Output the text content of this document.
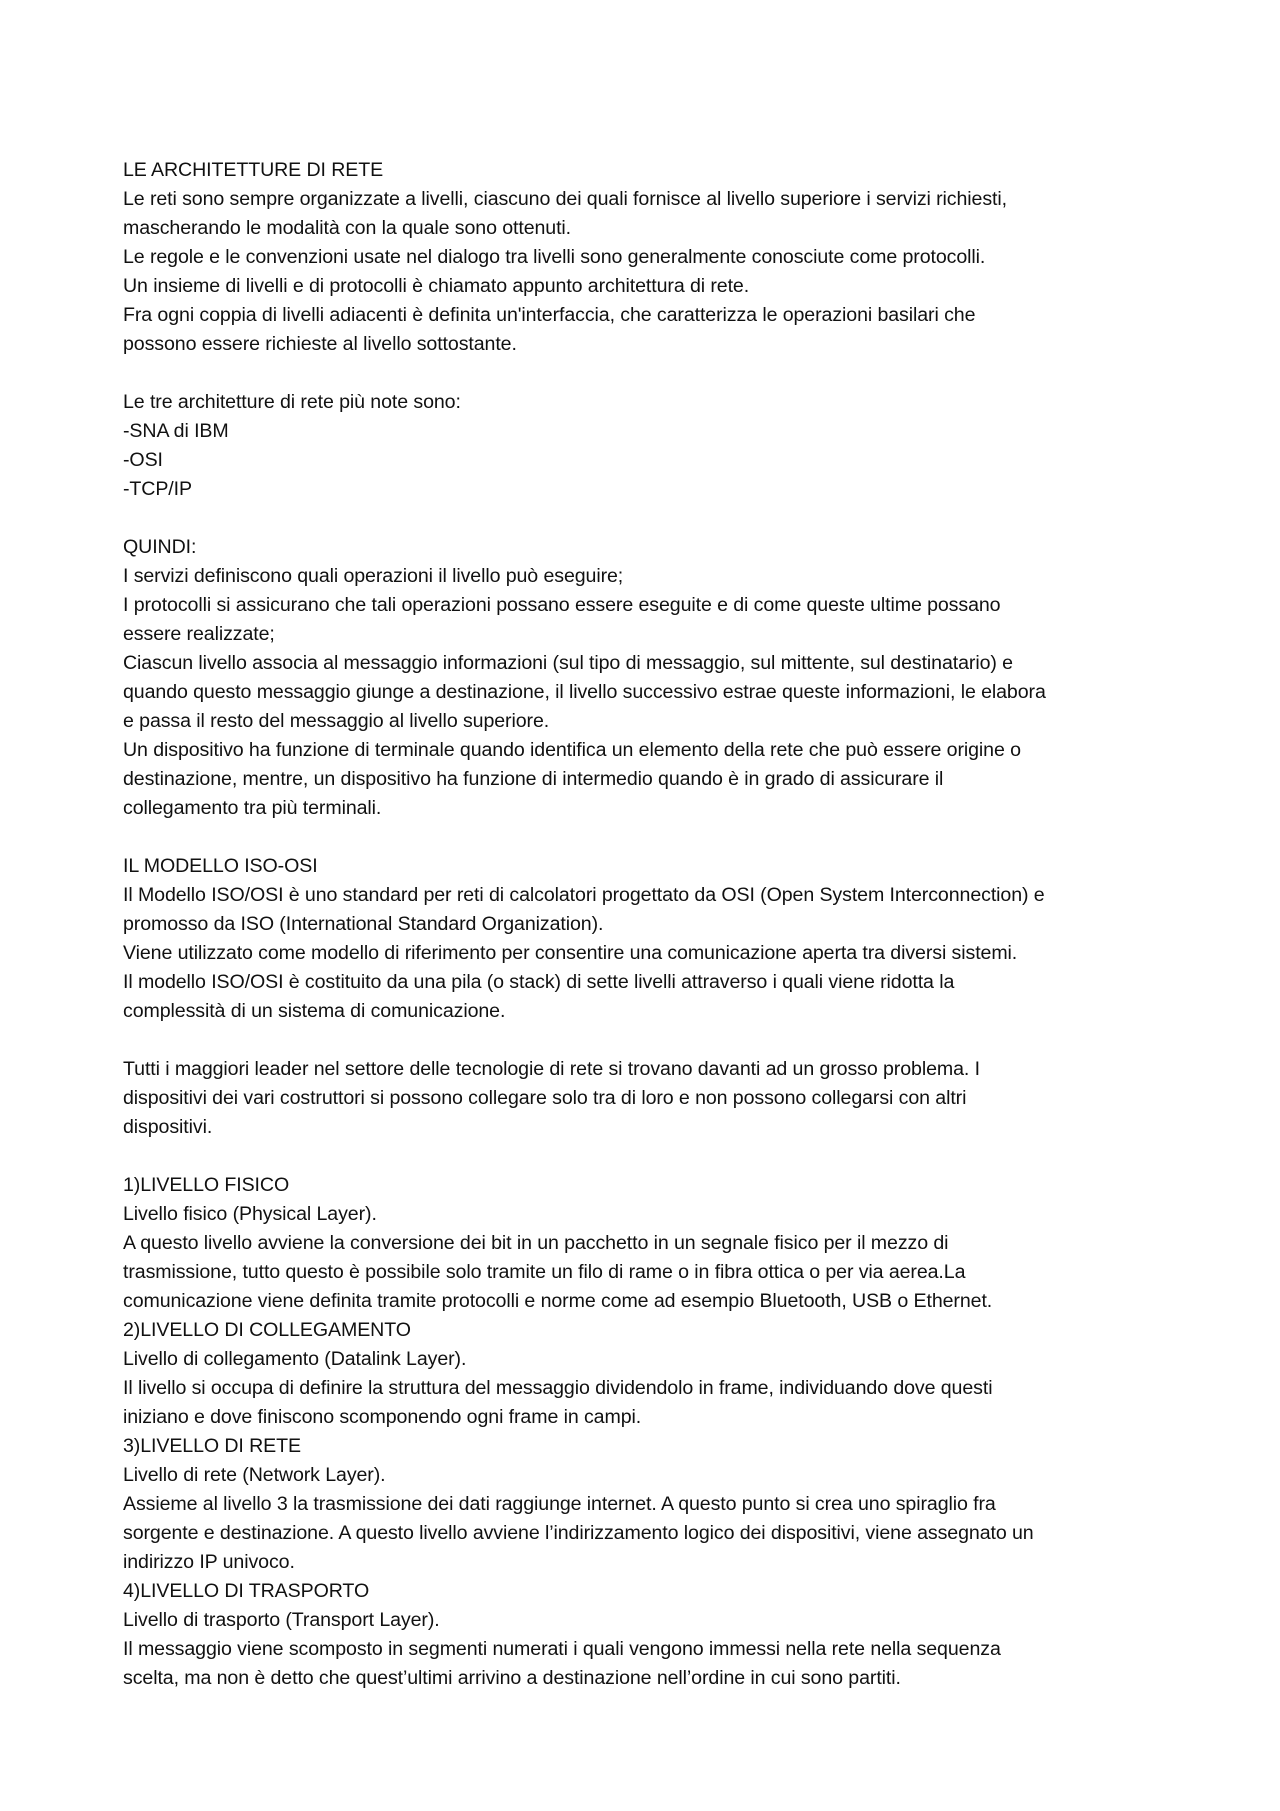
LE ARCHITETTURE DI RETE
Le reti sono sempre organizzate a livelli, ciascuno dei quali fornisce al livello superiore i servizi richiesti,
mascherando le modalità con la quale sono ottenuti.
Le regole e le convenzioni usate nel dialogo tra livelli sono generalmente conosciute come protocolli.
Un insieme di livelli e di protocolli è chiamato appunto architettura di rete.
Fra ogni coppia di livelli adiacenti è definita un'interfaccia, che caratterizza le operazioni basilari che
possono essere richieste al livello sottostante.
Le tre architetture di rete più note sono:
-SNA di IBM
-OSI
-TCP/IP
QUINDI:
I servizi definiscono quali operazioni il livello può eseguire;
I protocolli si assicurano che tali operazioni possano essere eseguite e di come queste ultime possano
essere realizzate;
Ciascun livello associa al messaggio informazioni (sul tipo di messaggio, sul mittente, sul destinatario) e
quando questo messaggio giunge a destinazione, il livello successivo estrae queste informazioni, le elabora
e passa il resto del messaggio al livello superiore.
Un dispositivo ha funzione di terminale quando identifica un elemento della rete che può essere origine o
destinazione, mentre, un dispositivo ha funzione di intermedio quando è in grado di assicurare il
collegamento tra più terminali.
IL MODELLO ISO-OSI
Il Modello ISO/OSI è uno standard per reti di calcolatori progettato da OSI (Open System Interconnection) e
promosso da ISO (International Standard Organization).
Viene utilizzato come modello di riferimento per consentire una comunicazione aperta tra diversi sistemi.
Il modello ISO/OSI è costituito da una pila (o stack) di sette livelli attraverso i quali viene ridotta la
complessità di un sistema di comunicazione.
Tutti i maggiori leader nel settore delle tecnologie di rete si trovano davanti ad un grosso problema. I
dispositivi dei vari costruttori si possono collegare solo tra di loro e non possono collegarsi con altri
dispositivi.
1)LIVELLO FISICO
Livello fisico (Physical Layer).
A questo livello avviene la conversione dei bit in un pacchetto in un segnale fisico per il mezzo di
trasmissione, tutto questo è possibile solo tramite un filo di rame o in fibra ottica o per via aerea.La
comunicazione viene definita tramite protocolli e norme come ad esempio Bluetooth, USB o Ethernet.
2)LIVELLO DI COLLEGAMENTO
Livello di collegamento (Datalink Layer).
Il livello si occupa di definire la struttura del messaggio dividendolo in frame, individuando dove questi
iniziano e dove finiscono scomponendo ogni frame in campi.
3)LIVELLO DI RETE
Livello di rete (Network Layer).
Assieme al livello 3 la trasmissione dei dati raggiunge internet. A questo punto si crea uno spiraglio fra
sorgente e destinazione. A questo livello avviene l’indirizzamento logico dei dispositivi, viene assegnato un
indirizzo IP univoco.
4)LIVELLO DI TRASPORTO
Livello di trasporto (Transport Layer).
Il messaggio viene scomposto in segmenti numerati i quali vengono immessi nella rete nella sequenza
scelta, ma non è detto che quest’ultimi arrivino a destinazione nell’ordine in cui sono partiti.
